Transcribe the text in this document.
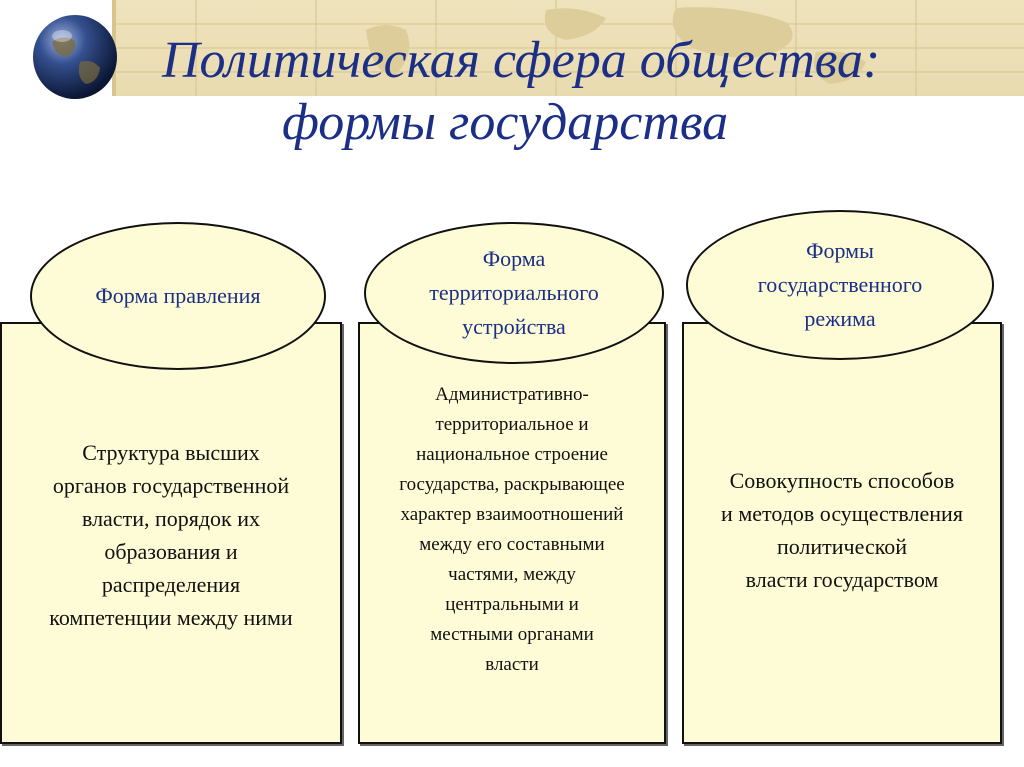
Политическая сфера общества:
формы государства
Структура высших
органов государственной
власти, порядок их
образования и
распределения
компетенции между ними
Административно-
территориальное и
национальное строение
государства, раскрывающее
характер взаимоотношений
между его составными
частями, между
центральными и
местными органами
власти
Совокупность способов
и методов осуществления
политической
власти государством
Форма правления
Форма
территориального
устройства
Формы
государственного
режима
